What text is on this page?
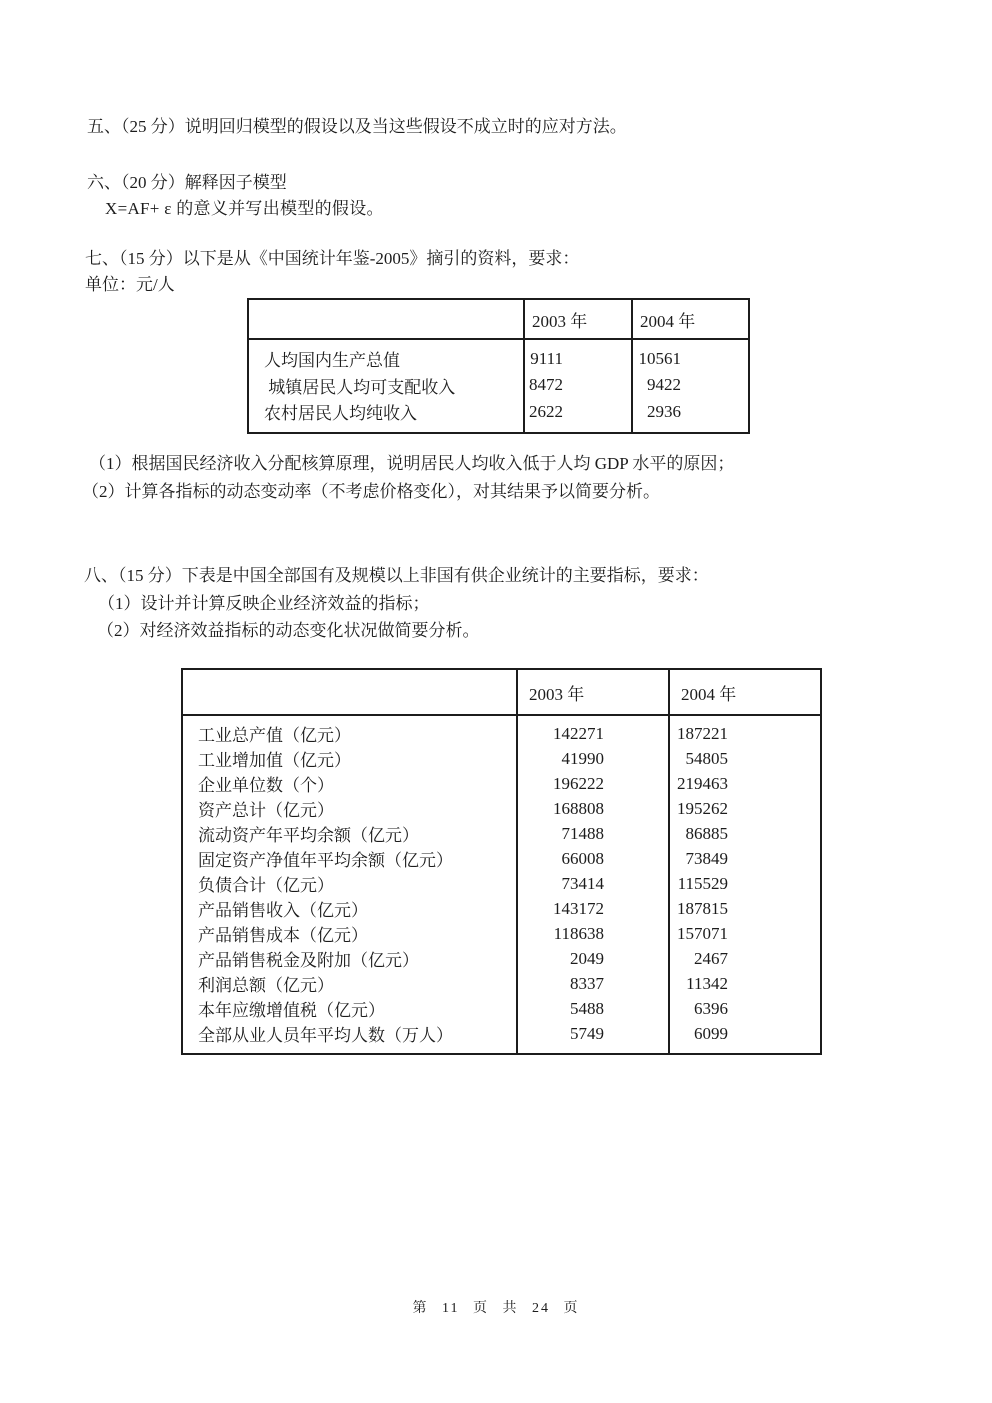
五、（25 分）说明回归模型的假设以及当这些假设不成立时的应对方法。
六、（20 分）解释因子模型
X=AF+ ε 的意义并写出模型的假设。
七、（15 分）以下是从《中国统计年鉴-2005》摘引的资料，要求：
单位：元/人
	2003 年	2004 年
人均国内生产总值	9111	10561
城镇居民人均可支配收入	8472	9422
农村居民人均纯收入	2622	2936
（1）根据国民经济收入分配核算原理，说明居民人均收入低于人均 GDP 水平的原因；
（2）计算各指标的动态变动率（不考虑价格变化），对其结果予以简要分析。
八、（15 分）下表是中国全部国有及规模以上非国有供企业统计的主要指标，要求：
（1）设计并计算反映企业经济效益的指标；
（2）对经济效益指标的动态变化状况做简要分析。
	2003 年	2004 年
工业总产值（亿元）	142271	187221
工业增加值（亿元）	41990	54805
企业单位数（个）	196222	219463
资产总计（亿元）	168808	195262
流动资产年平均余额（亿元）	71488	86885
固定资产净值年平均余额（亿元）	66008	73849
负债合计（亿元）	73414	115529
产品销售收入（亿元）	143172	187815
产品销售成本（亿元）	118638	157071
产品销售税金及附加（亿元）	2049	2467
利润总额（亿元）	8337	11342
本年应缴增值税（亿元）	5488	6396
全部从业人员年平均人数（万人）	5749	6099
第 11 页 共 24 页
